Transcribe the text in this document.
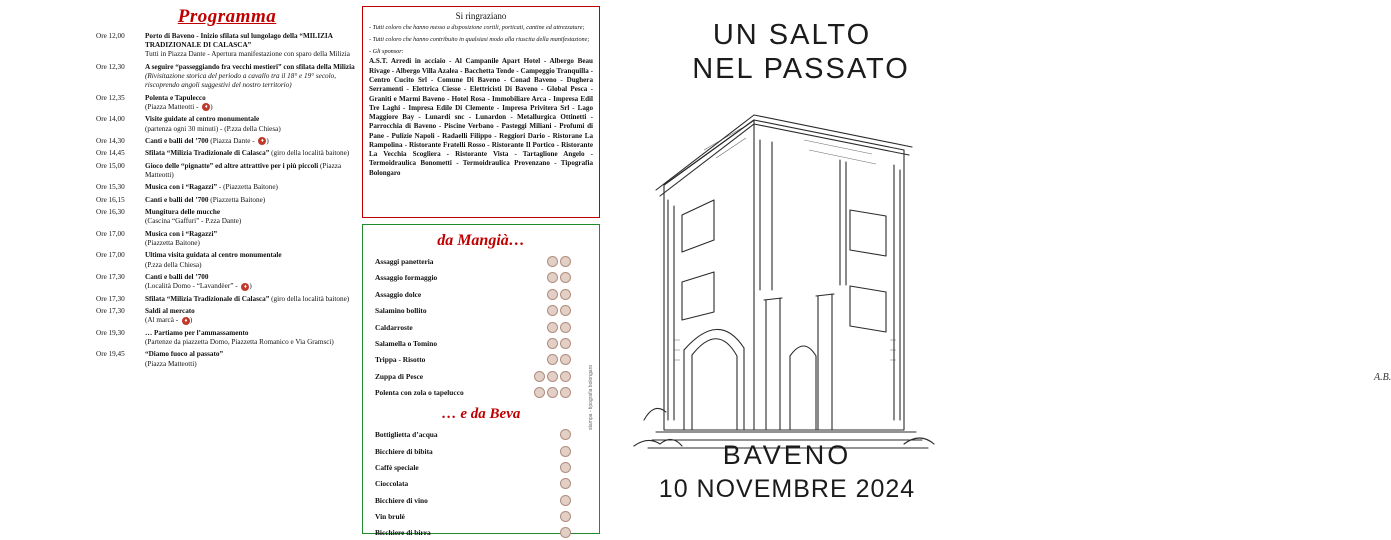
Programma
Ore 12,00	Porto di Baveno - Inizio sfilata sul lungolago della “MILIZIA TRADIZIONALE DI CALASCA”
Tutti in Piazza Dante - Apertura manifestazione con sparo della Milizia
Ore 12,30	A seguire “passeggiando fra vecchi mestieri” con sfilata della Milizia (Rivisitazione storica del periodo a cavallo tra il 18° e 19° secolo, riscoprendo angoli suggestivi del nostro territorio)
Ore 12,35	Polenta e Tapulecco
(Piazza Matteotti - ♦ )
Ore 14,00	Visite guidate al centro monumentale
(partenza ogni 30 minuti) - (P.zza della Chiesa)
Ore 14,30	Canti e balli del ’700 (Piazza Dante - ♦ )
Ore 14,45	Sfilata “Milizia Tradizionale di Calasca” (giro della località baitone)
Ore 15,00	Gioco delle “pignatte” ed altre attrattive per i più piccoli (Piazza Matteotti)
Ore 15,30	Musica con i “Ragazzi” - (Piazzetta Baitone)
Ore 16,15	Canti e balli del ’700 (Piazzetta Baitone)
Ore 16,30	Mungitura delle mucche
(Cascina “Gaffuri” - P.zza Dante)
Ore 17,00	Musica con i “Ragazzi”
(Piazzetta Baitone)
Ore 17,00	Ultima visita guidata al centro monumentale
(P.zza della Chiesa)
Ore 17,30	Canti e balli del ’700
(Località Domo - “Lavandèer” - ♦ )
Ore 17,30	Sfilata “Milizia Tradizionale di Calasca” (giro della località baitone)
Ore 17,30	Saldi al mercato
(Al marcà - ♦ )
Ore 19,30	… Partiamo per l’ammassamento
(Partenze da piazzetta Domo, Piazzetta Romanico e Via Gramsci)
Ore 19,45	“Diamo fuoco al passato”
(Piazza Matteotti)
Si ringraziano

- Tutti coloro che hanno messo a disposizione cortili, porticati, cantine ed attrezzature;

- Tutti coloro che hanno contribuito in qualsiasi modo alla riuscita della manifestazione;

- Gli sponsor:

A.S.T. Arredi in acciaio - Al Campanile Apart Hotel - Albergo Beau Rivage - Albergo Villa Azalea - Bacchetta Tende - Campeggio Tranquilla - Centro Cucito Srl - Comune Di Baveno - Conad Baveno - Dughera Serramenti - Elettrica Ciesse - Elettricisti Di Baveno - Global Pesca - Graniti e Marmi Baveno - Hotel Rosa - Immobiliare Arca - Impresa Edil Tre Laghi - Impresa Edile Di Clemente - Impresa Privitera Srl - Lago Maggiore Bay - Lunardi snc - Lunardon - Metallurgica Ottinetti - Parrocchia di Baveno - Piscine Verbano - Pasteggi Miliani - Profumi di Pane - Pulizie Napoli - Radaelli Filippo - Reggiori Dario - Ristorane La Rampolina - Ristorante Fratelli Rosso - Ristorante Il Portico - Ristorante La Vecchia Scogliera - Ristorante Vista - Tartaglione Angelo - Termoidraulica Bonometti - Termoidraulica Provenzano - Tipografia Bolongaro
da Mangià…
Assaggi panetteria
Assaggio formaggio
Assaggio dolce
Salamino bollito
Caldarroste
Salamella o Tomino
Trippa - Risotto
Zuppa di Pesce
Polenta con zola o tapelucco
… e da Beva
Bottiglietta d’acqua
Bicchiere di bibita
Caffè speciale
Cioccolata
Bicchiere di vino
Vin brulè
Bicchiere di birra
UN SALTO
NEL PASSATO
A.B.
BAVENO
10 NOVEMBRE 2024
stampa - tipografia bolongaro
